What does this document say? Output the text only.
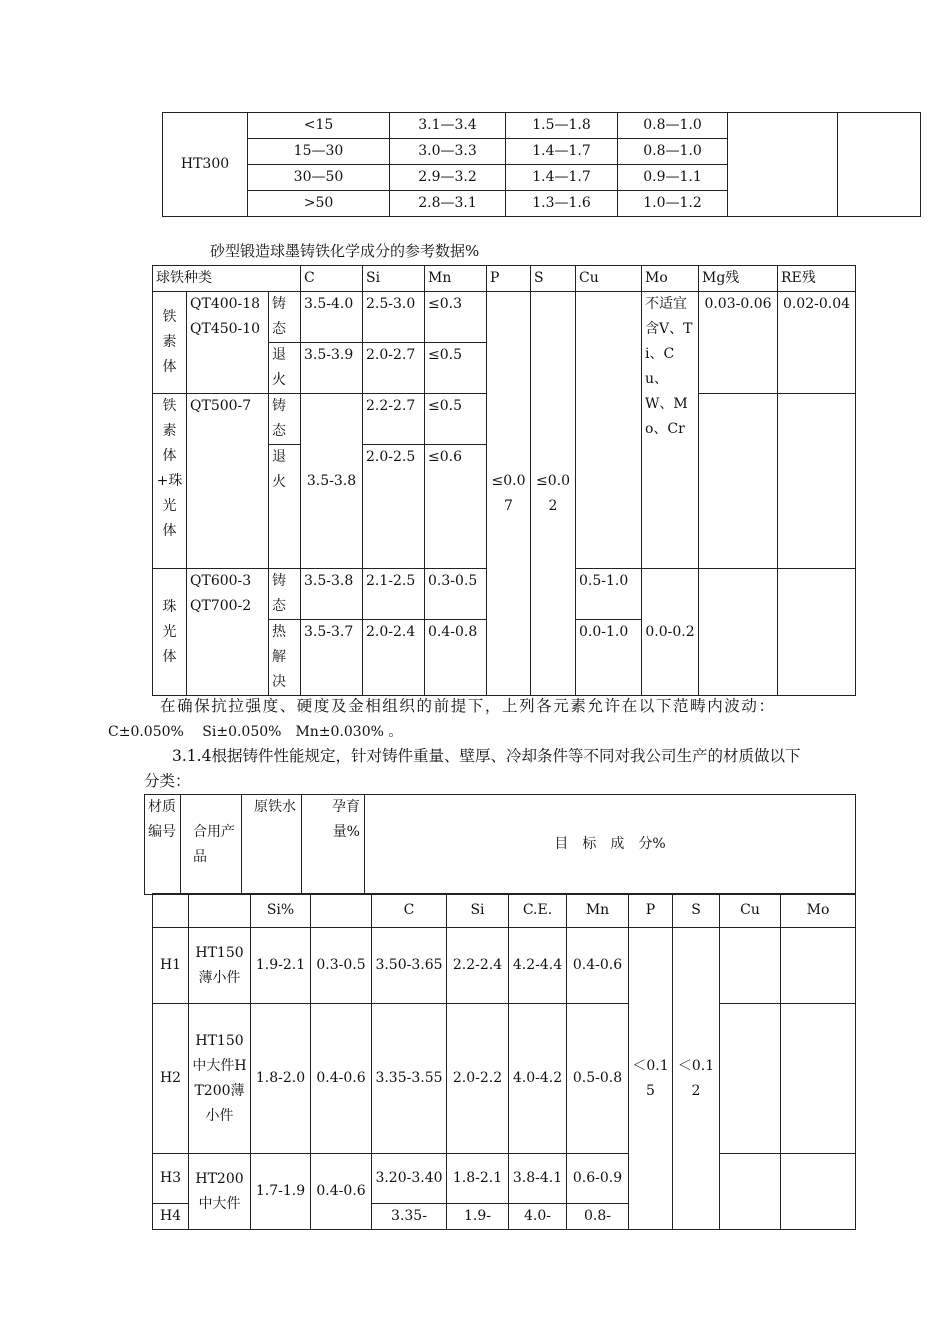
HT300	<15	3.1—3.4	1.5—1.8	0.8—1.0		
	15—30	3.0—3.3	1.4—1.7	0.8—1.0		
	30—50	2.9—3.2	1.4—1.7	0.9—1.1		
	>50	2.8—3.1	1.3—1.6	1.0—1.2		
砂型锻造球墨铸铁化学成分的参考数据%
球铁种类			C	Si	Mn	P	S	Cu	Mo	Mg残	RE残
铁素体	QT400-18 QT450-10	铸态	3.5-4.0	2.5-3.0	≤0.3	≤0.07	≤0.02		不适宜含V、Ti、Cu、W、Mo、Cr	0.03-0.06	0.02-0.04
		退火	3.5-3.9	2.0-2.7	≤0.5						
铁素体+珠光体	QT500-7	铸态	3.5-3.8	2.2-2.7	≤0.5						
		退火		2.0-2.5	≤0.6						
珠光体	QT600-3 QT700-2	铸态	3.5-3.8	2.1-2.5	0.3-0.5			0.5-1.0	0.0-0.2		
		热解决	3.5-3.7	2.0-2.4	0.4-0.8			0.0-1.0			
在确保抗拉强度、硬度及金相组织的前提下，上列各元素允许在以下范畴内波动：
C±0.050%　 Si±0.050%　Mn±0.030% 。
3.1.4根据铸件性能规定，针对铸件重量、壁厚、冷却条件等不同对我公司生产的材质做以下
分类：
材质编号	合用产品	原铁水	孕育量%	目　标　成　分%
		Si%		C	Si	C.E.	Mn	P	S	Cu	Mo
H1	HT150薄小件	1.9-2.1	0.3-0.5	3.50-3.65	2.2-2.4	4.2-4.4	0.4-0.6	＜0.15	＜0.12		
H2	HT150中大件HT200薄小件	1.8-2.0	0.4-0.6	3.35-3.55	2.0-2.2	4.0-4.2	0.5-0.8				
H3	HT200中大件	1.7-1.9	0.4-0.6	3.20-3.40	1.8-2.1	3.8-4.1	0.6-0.9				
H4				3.35-	1.9-	4.0-	0.8-				
